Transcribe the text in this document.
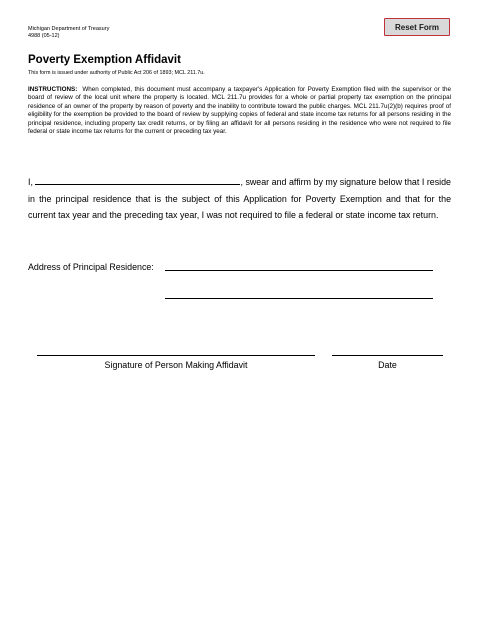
Michigan Department of Treasury
4988 (05-12)
Reset Form
Poverty Exemption Affidavit
This form is issued under authority of Public Act 206 of 1893; MCL 211.7u.
INSTRUCTIONS: When completed, this document must accompany a taxpayer's Application for Poverty Exemption filed with the supervisor or the board of review of the local unit where the property is located. MCL 211.7u provides for a whole or partial property tax exemption on the principal residence of an owner of the property by reason of poverty and the inability to contribute toward the public charges. MCL 211.7u(2)(b) requires proof of eligibility for the exemption be provided to the board of review by supplying copies of federal and state income tax returns for all persons residing in the principal residence, including property tax credit returns, or by filing an affidavit for all persons residing in the residence who were not required to file federal or state income tax returns for the current or preceding tax year.
I,	, swear and affirm by my signature below that I reside in the principal residence that is the subject of this Application for Poverty Exemption and that for the current tax year and the preceding tax year, I was not required to file a federal or state income tax return.
Address of Principal Residence:
Signature of Person Making Affidavit	Date
